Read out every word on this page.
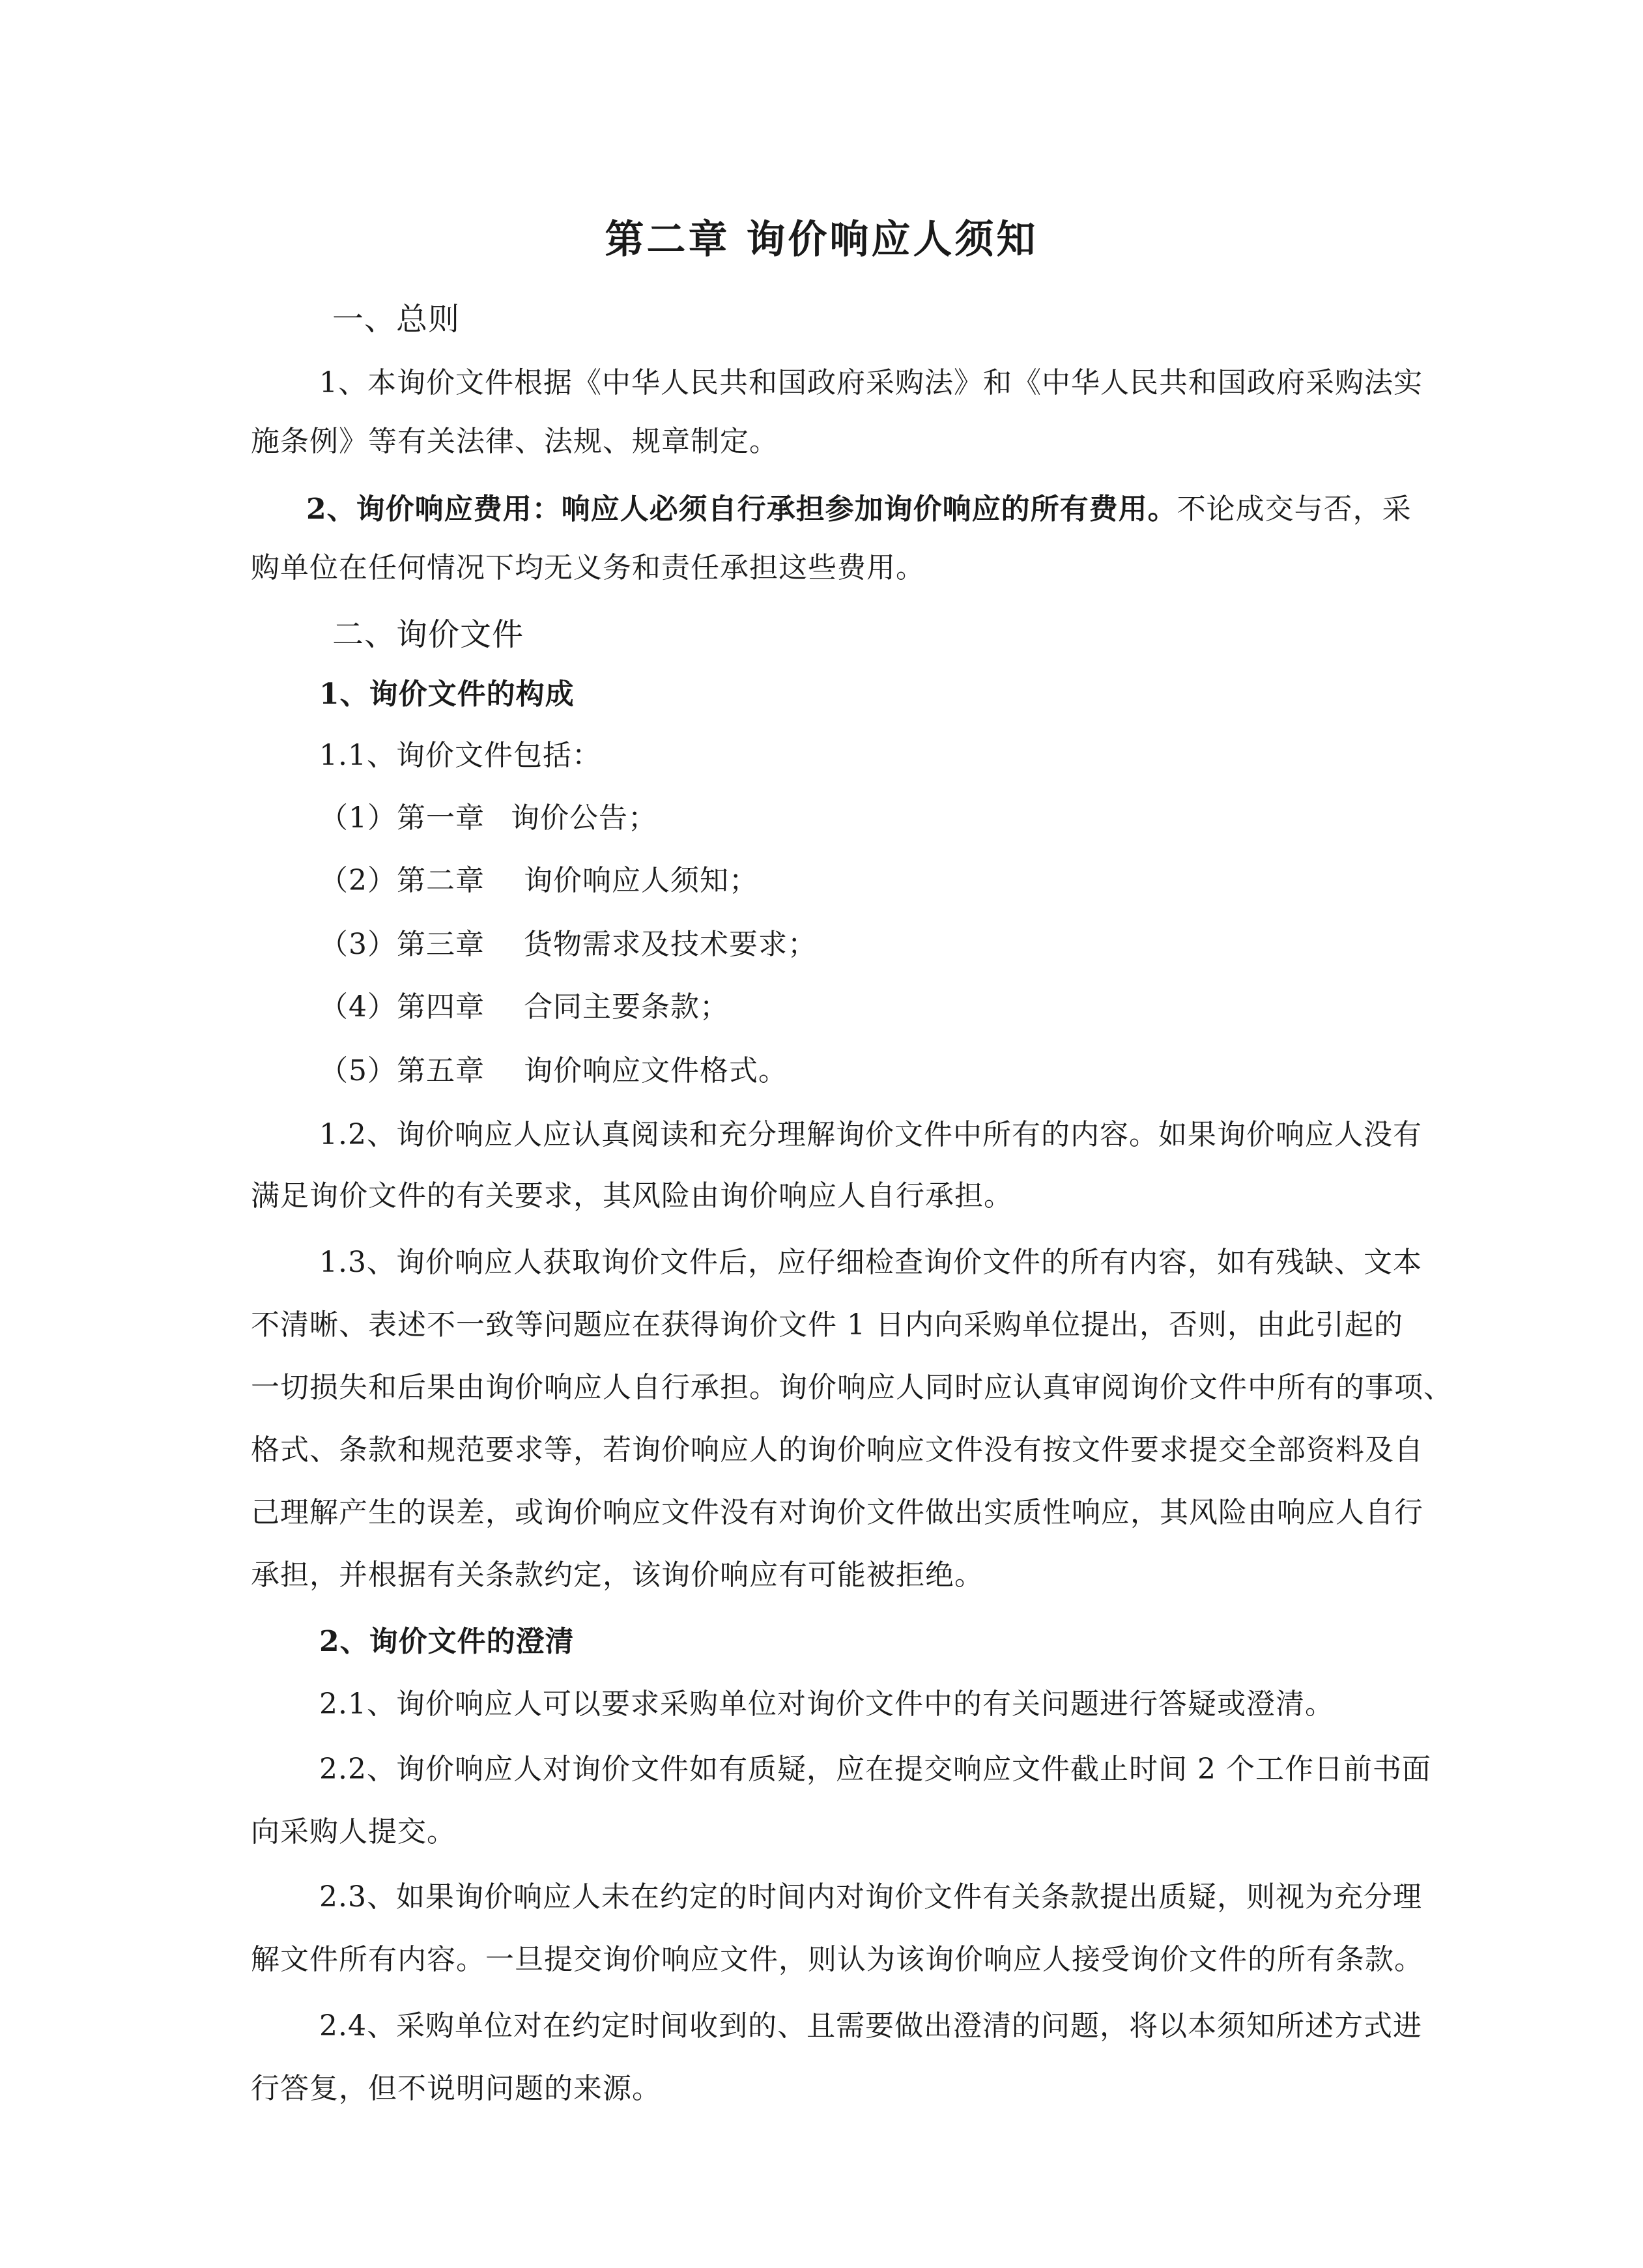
第二章 询价响应人须知
一、总则
1、本询价文件根据《中华人民共和国政府采购法》和《中华人民共和国政府采购法实
施条例》等有关法律、法规、规章制定。
2、询价响应费用：响应人必须自行承担参加询价响应的所有费用。不论成交与否，采
购单位在任何情况下均无义务和责任承担这些费用。
二、询价文件
1、询价文件的构成
1.1、询价文件包括：
（1）第一章 询价公告；
（2）第二章 询价响应人须知；
（3）第三章 货物需求及技术要求；
（4）第四章 合同主要条款；
（5）第五章 询价响应文件格式。
1.2、询价响应人应认真阅读和充分理解询价文件中所有的内容。如果询价响应人没有
满足询价文件的有关要求，其风险由询价响应人自行承担。
1.3、询价响应人获取询价文件后，应仔细检查询价文件的所有内容，如有残缺、文本
不清晰、表述不一致等问题应在获得询价文件 1 日内向采购单位提出，否则，由此引起的
一切损失和后果由询价响应人自行承担。询价响应人同时应认真审阅询价文件中所有的事项、
格式、条款和规范要求等，若询价响应人的询价响应文件没有按文件要求提交全部资料及自
己理解产生的误差，或询价响应文件没有对询价文件做出实质性响应，其风险由响应人自行
承担，并根据有关条款约定，该询价响应有可能被拒绝。
2、询价文件的澄清
2.1、询价响应人可以要求采购单位对询价文件中的有关问题进行答疑或澄清。
2.2、询价响应人对询价文件如有质疑，应在提交响应文件截止时间 2 个工作日前书面
向采购人提交。
2.3、如果询价响应人未在约定的时间内对询价文件有关条款提出质疑，则视为充分理
解文件所有内容。一旦提交询价响应文件，则认为该询价响应人接受询价文件的所有条款。
2.4、采购单位对在约定时间收到的、且需要做出澄清的问题，将以本须知所述方式进
行答复，但不说明问题的来源。
